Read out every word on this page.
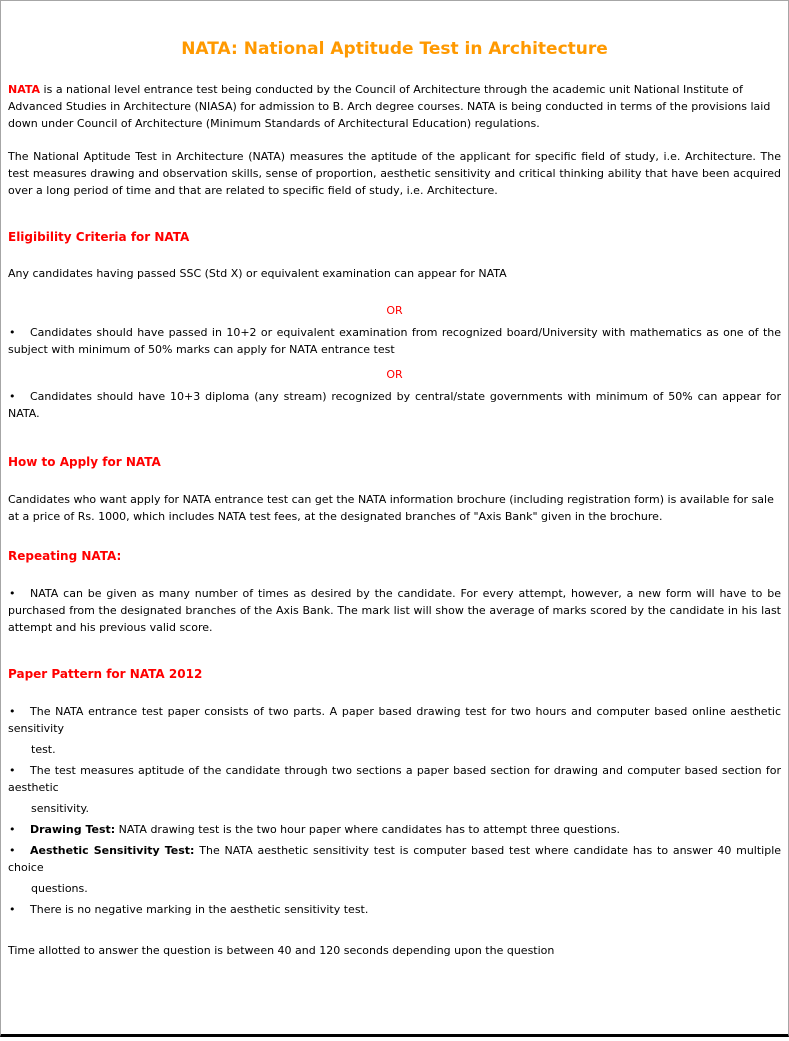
NATA: National Aptitude Test in Architecture

NATA is a national level entrance test being conducted by the Council of Architecture through the academic unit National Institute of Advanced Studies in Architecture (NIASA) for admission to B. Arch degree courses. NATA is being conducted in terms of the provisions laid down under Council of Architecture (Minimum Standards of Architectural Education) regulations.

The National Aptitude Test in Architecture (NATA) measures the aptitude of the applicant for specific field of study, i.e. Architecture. The test measures drawing and observation skills, sense of proportion, aesthetic sensitivity and critical thinking ability that have been acquired over a long period of time and that are related to specific field of study, i.e. Architecture.

Eligibility Criteria for NATA

Any candidates having passed SSC (Std X) or equivalent examination can appear for NATA

OR

• Candidates should have passed in 10+2 or equivalent examination from recognized board/University with mathematics as one of the subject with minimum of 50% marks can apply for NATA entrance test

OR

• Candidates should have 10+3 diploma (any stream) recognized by central/state governments with minimum of 50% can appear for NATA.

How to Apply for NATA

Candidates who want apply for NATA entrance test can get the NATA information brochure (including registration form) is available for sale at a price of Rs. 1000, which includes NATA test fees, at the designated branches of "Axis Bank" given in the brochure.

Repeating NATA:

• NATA can be given as many number of times as desired by the candidate. For every attempt, however, a new form will have to be purchased from the designated branches of the Axis Bank. The mark list will show the average of marks scored by the candidate in his last attempt and his previous valid score.

Paper Pattern for NATA 2012

• The NATA entrance test paper consists of two parts. A paper based drawing test for two hours and computer based online aesthetic sensitivity

test.

• The test measures aptitude of the candidate through two sections a paper based section for drawing and computer based section for aesthetic

sensitivity.

• Drawing Test: NATA drawing test is the two hour paper where candidates has to attempt three questions.

• Aesthetic Sensitivity Test: The NATA aesthetic sensitivity test is computer based test where candidate has to answer 40 multiple choice

questions.

• There is no negative marking in the aesthetic sensitivity test.

Time allotted to answer the question is between 40 and 120 seconds depending upon the question
